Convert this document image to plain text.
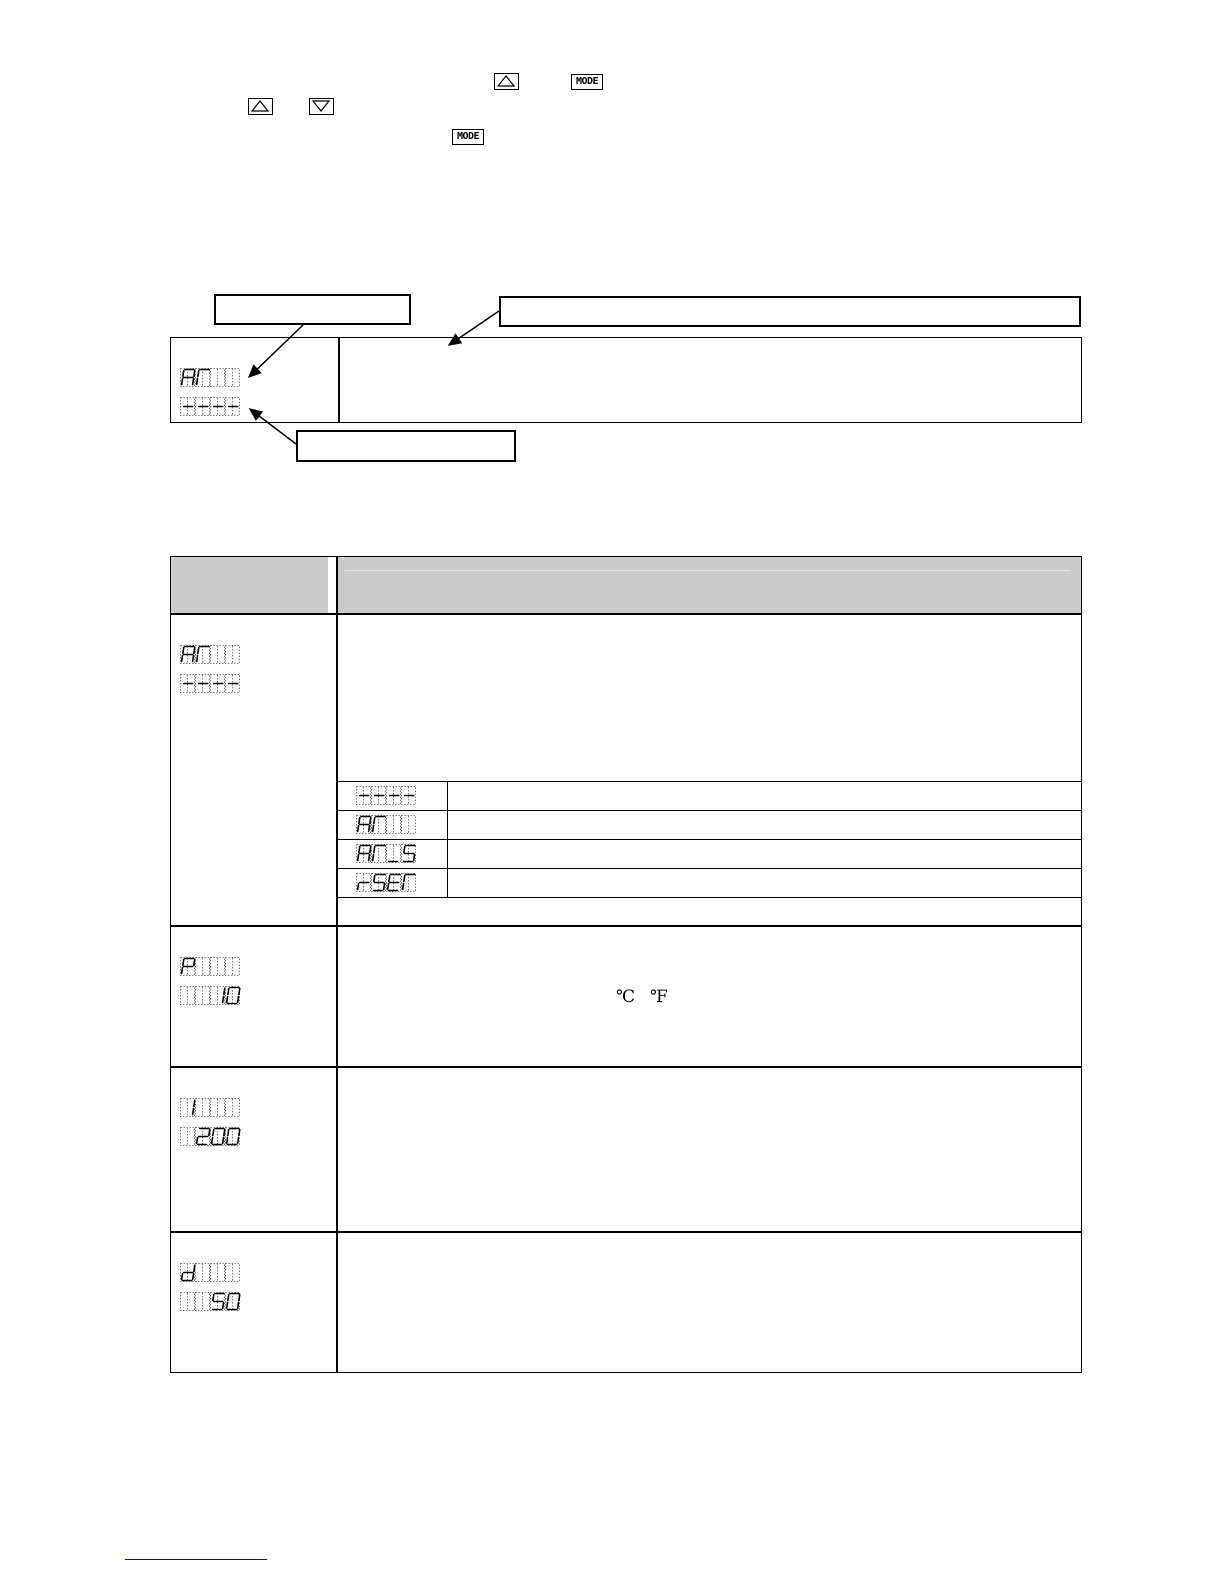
MODE
MODE
℃ ℉
